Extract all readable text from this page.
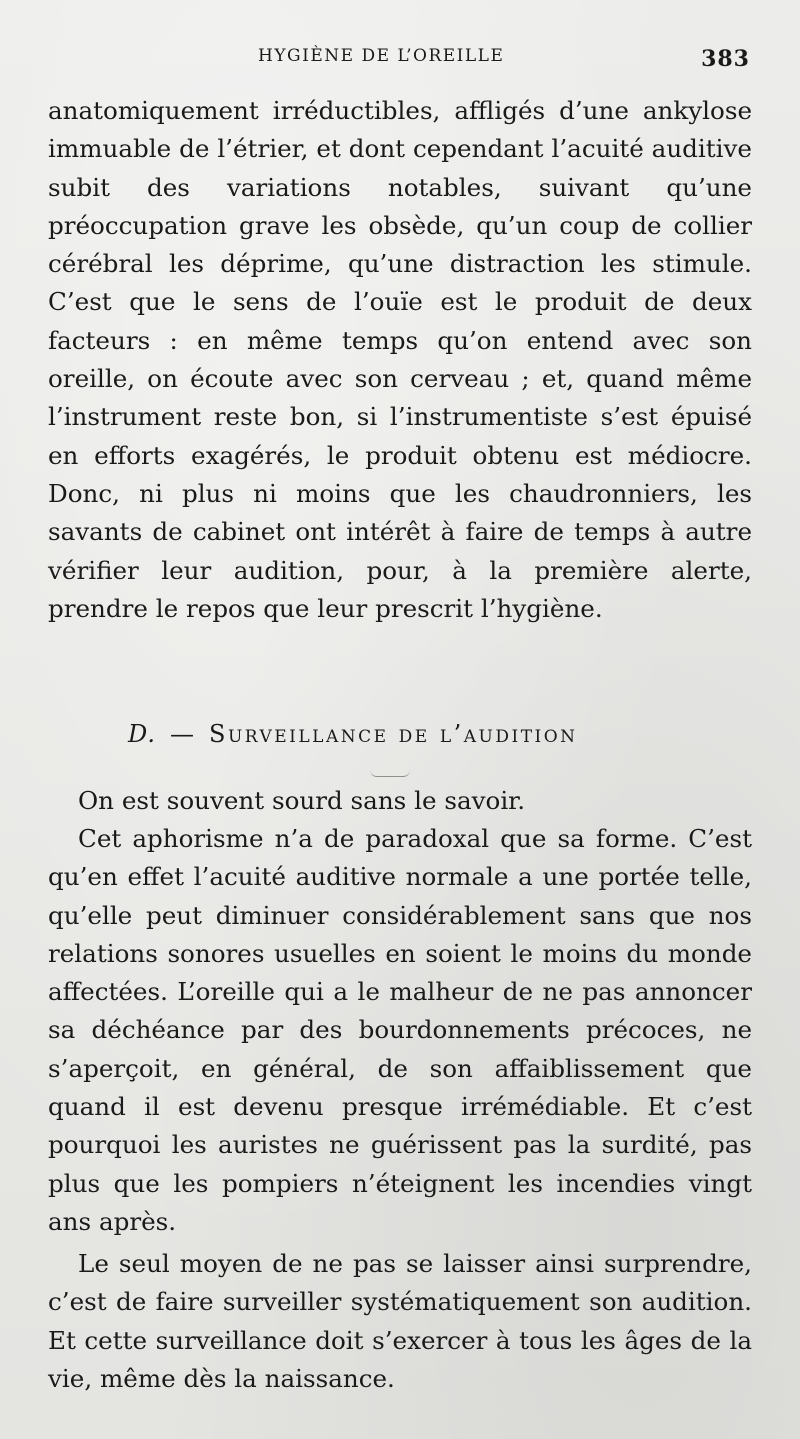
HYGIÈNE DE L’OREILLE	383

anatomiquement irréductibles, affligés d’une ankylose immuable de l’étrier, et dont cependant l’acuité auditive subit des variations notables, suivant qu’une préoccupation grave les obsède, qu’un coup de collier cérébral les déprime, qu’une distraction les stimule. C’est que le sens de l’ouïe est le produit de deux facteurs : en même temps qu’on entend avec son oreille, on écoute avec son cerveau ; et, quand même l’instrument reste bon, si l’instrumentiste s’est épuisé en efforts exagérés, le produit obtenu est médiocre. Donc, ni plus ni moins que les chaudronniers, les savants de cabinet ont intérêt à faire de temps à autre vérifier leur audition, pour, à la première alerte, prendre le repos que leur prescrit l’hygiène.

D. — Surveillance de l’audition

On est souvent sourd sans le savoir.

Cet aphorisme n’a de paradoxal que sa forme. C’est qu’en effet l’acuité auditive normale a une portée telle, qu’elle peut diminuer considérablement sans que nos relations sonores usuelles en soient le moins du monde affectées. L’oreille qui a le malheur de ne pas annoncer sa déchéance par des bourdonnements précoces, ne s’aperçoit, en général, de son affaiblissement que quand il est devenu presque irrémédiable. Et c’est pourquoi les auristes ne guérissent pas la surdité, pas plus que les pompiers n’éteignent les incendies vingt ans après.

Le seul moyen de ne pas se laisser ainsi surprendre, c’est de faire surveiller systématiquement son audition. Et cette surveillance doit s’exercer à tous les âges de la vie, même dès la naissance.
